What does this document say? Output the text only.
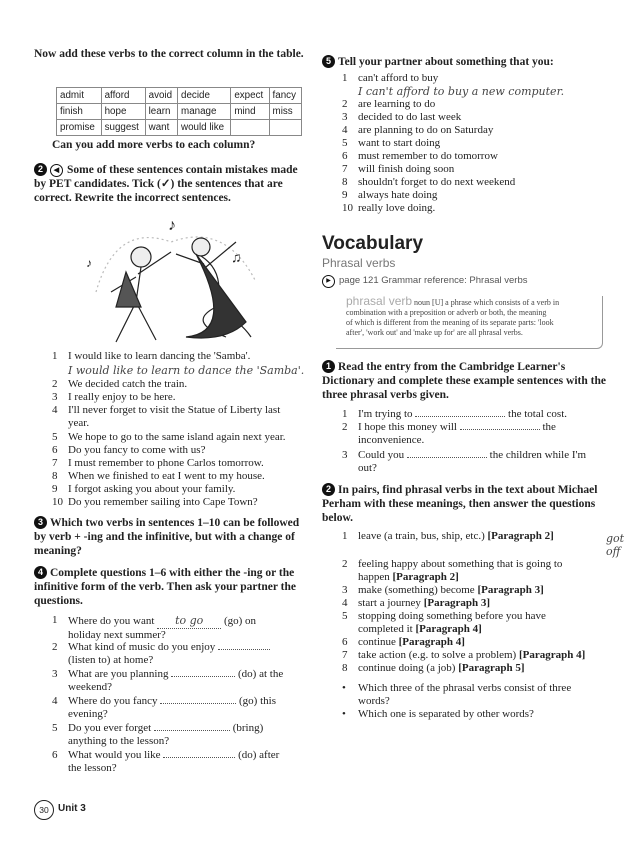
Now add these verbs to the correct column in the table.
admit	afford	avoid	decide	expect	fancy
finish	hope	learn	manage	mind	miss
promise	suggest	want	would like		
Can you add more verbs to each column?
2 ◀ Some of these sentences contain mistakes made by PET candidates. Tick (✓) the sentences that are correct. Rewrite the incorrect sentences.
♪
♫
♪
1 I would like to learn dancing the 'Samba'.
I would like to learn to dance the 'Samba'.
2 We decided catch the train.
3 I really enjoy to be here.
4 I'll never forget to visit the Statue of Liberty last year.
5 We hope to go to the same island again next year.
6 Do you fancy to come with us?
7 I must remember to phone Carlos tomorrow.
8 When we finished to eat I went to my house.
9 I forgot asking you about your family.
10 Do you remember sailing into Cape Town?
3 Which two verbs in sentences 1–10 can be followed by verb + -ing and the infinitive, but with a change of meaning?
4 Complete questions 1–6 with either the -ing or the infinitive form of the verb. Then ask your partner the questions.
1 Where do you want to go (go) on
holiday next summer?
2 What kind of music do you enjoy
(listen to) at home?
3 What are you planning	(do) at the
weekend?
4 Where do you fancy	(go) this
evening?
5 Do you ever forget	(bring)
anything to the lesson?
6 What would you like	(do) after
the lesson?
5 Tell your partner about something that you:
1 can't afford to buy
I can't afford to buy a new computer.
2 are learning to do
3 decided to do last week
4 are planning to do on Saturday
5 want to start doing
6 must remember to do tomorrow
7 will finish doing soon
8 shouldn't forget to do next weekend
9 always hate doing
10 really love doing.
Vocabulary
Phrasal verbs
▶ page 121 Grammar reference: Phrasal verbs
phrasal verb noun [U] a phrase which consists of a verb in
combination with a preposition or adverb or both, the meaning
of which is different from the meaning of its separate parts: 'look
after', 'work out' and 'make up for' are all phrasal verbs.
1 Read the entry from the Cambridge Learner's Dictionary and complete these example sentences with the three phrasal verbs given.
1 I'm trying to	the total cost.
2 I hope this money will	the
inconvenience.
3 Could you	the children while I'm
out?
2 In pairs, find phrasal verbs in the text about Michael Perham with these meanings, then answer the questions below.
1 leave (a train, bus, ship, etc.) [Paragraph 2]	got off
2 feeling happy about something that is going to happen [Paragraph 2]
3 make (something) become [Paragraph 3]
4 start a journey [Paragraph 3]
5 stopping doing something before you have completed it [Paragraph 4]
6 continue [Paragraph 4]
7 take action (e.g. to solve a problem) [Paragraph 4]
8 continue doing (a job) [Paragraph 5]
•	Which three of the phrasal verbs consist of three words?
•	Which one is separated by other words?
30 Unit 3
